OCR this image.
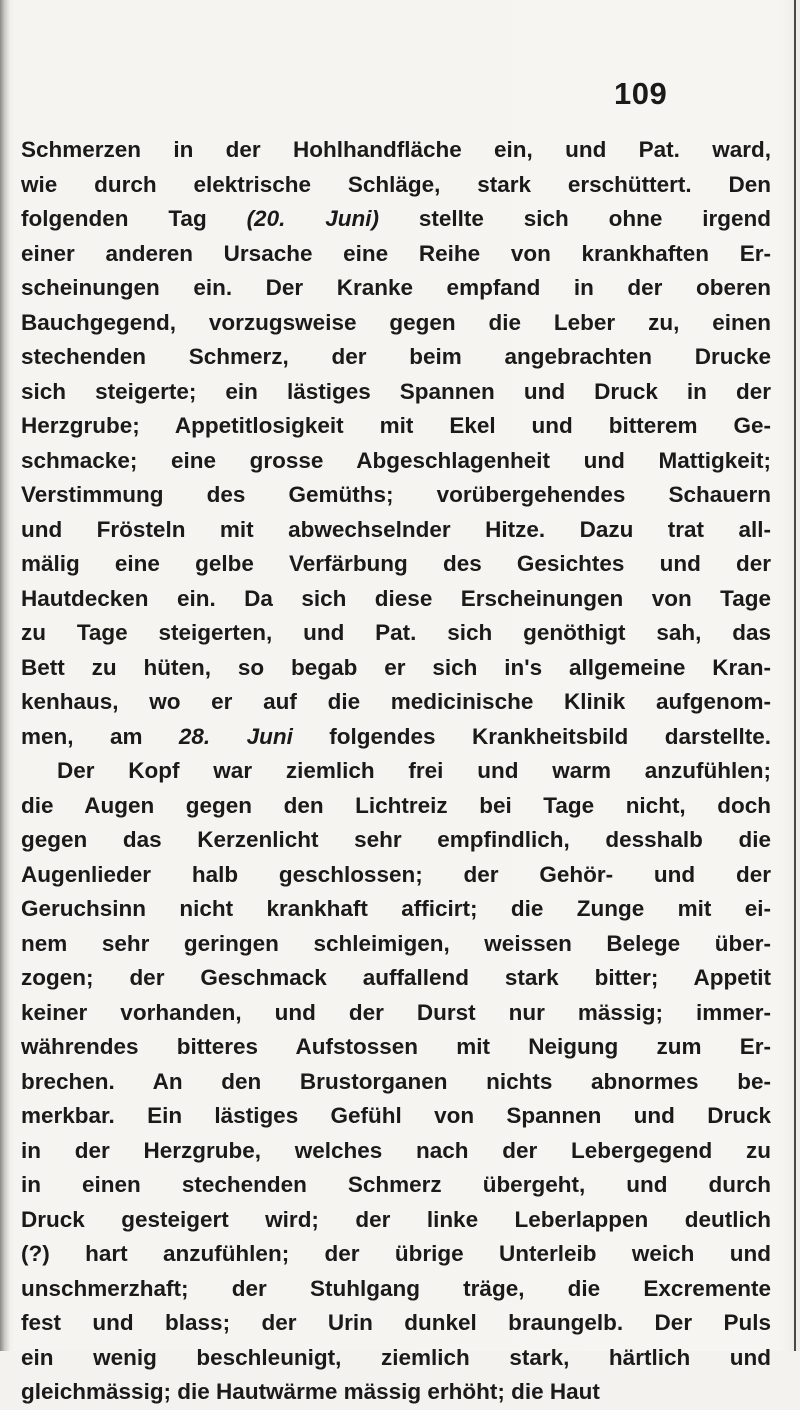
109
Schmerzen in der Hohlhandfläche ein, und Pat. ward,
wie durch elektrische Schläge, stark erschüttert. Den
folgenden Tag (20. Juni) stellte sich ohne irgend
einer anderen Ursache eine Reihe von krankhaften Er-
scheinungen ein. Der Kranke empfand in der oberen
Bauchgegend, vorzugsweise gegen die Leber zu, einen
stechenden Schmerz, der beim angebrachten Drucke
sich steigerte; ein lästiges Spannen und Druck in der
Herzgrube; Appetitlosigkeit mit Ekel und bitterem Ge-
schmacke; eine grosse Abgeschlagenheit und Mattigkeit;
Verstimmung des Gemüths; vorübergehendes Schauern
und Frösteln mit abwechselnder Hitze. Dazu trat all-
mälig eine gelbe Verfärbung des Gesichtes und der
Hautdecken ein. Da sich diese Erscheinungen von Tage
zu Tage steigerten, und Pat. sich genöthigt sah, das
Bett zu hüten, so begab er sich in's allgemeine Kran-
kenhaus, wo er auf die medicinische Klinik aufgenom-
men, am 28. Juni folgendes Krankheitsbild darstellte.
Der Kopf war ziemlich frei und warm anzufühlen;
die Augen gegen den Lichtreiz bei Tage nicht, doch
gegen das Kerzenlicht sehr empfindlich, desshalb die
Augenlieder halb geschlossen; der Gehör- und der
Geruchsinn nicht krankhaft afficirt; die Zunge mit ei-
nem sehr geringen schleimigen, weissen Belege über-
zogen; der Geschmack auffallend stark bitter; Appetit
keiner vorhanden, und der Durst nur mässig; immer-
währendes bitteres Aufstossen mit Neigung zum Er-
brechen. An den Brustorganen nichts abnormes be-
merkbar. Ein lästiges Gefühl von Spannen und Druck
in der Herzgrube, welches nach der Lebergegend zu
in einen stechenden Schmerz übergeht, und durch
Druck gesteigert wird; der linke Leberlappen deutlich
(?) hart anzufühlen; der übrige Unterleib weich und
unschmerzhaft; der Stuhlgang träge, die Excremente
fest und blass; der Urin dunkel braungelb. Der Puls
ein wenig beschleunigt, ziemlich stark, härtlich und
gleichmässig; die Hautwärme mässig erhöht; die Haut
